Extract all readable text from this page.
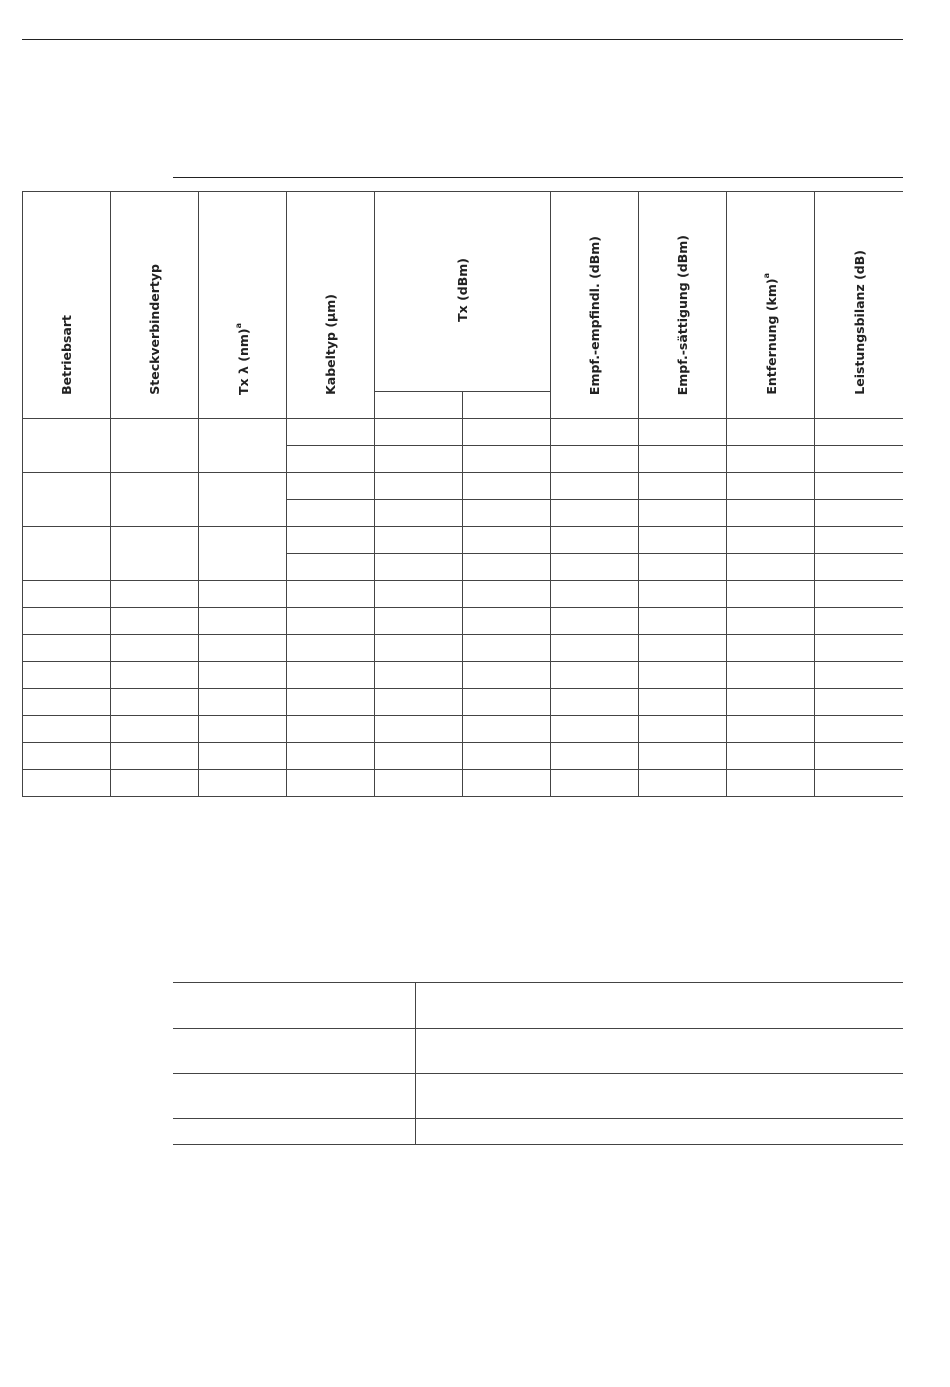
Betriebsart	Steckverbindertyp	Tx λ (nm)$^a$	Kabeltyp (µm)	Tx (dBm)		Empf.-empfindl. (dBm)	Empf.-sättigung (dBm)	Entfernung (km)$^a$	Leistungsbilanz (dB)
